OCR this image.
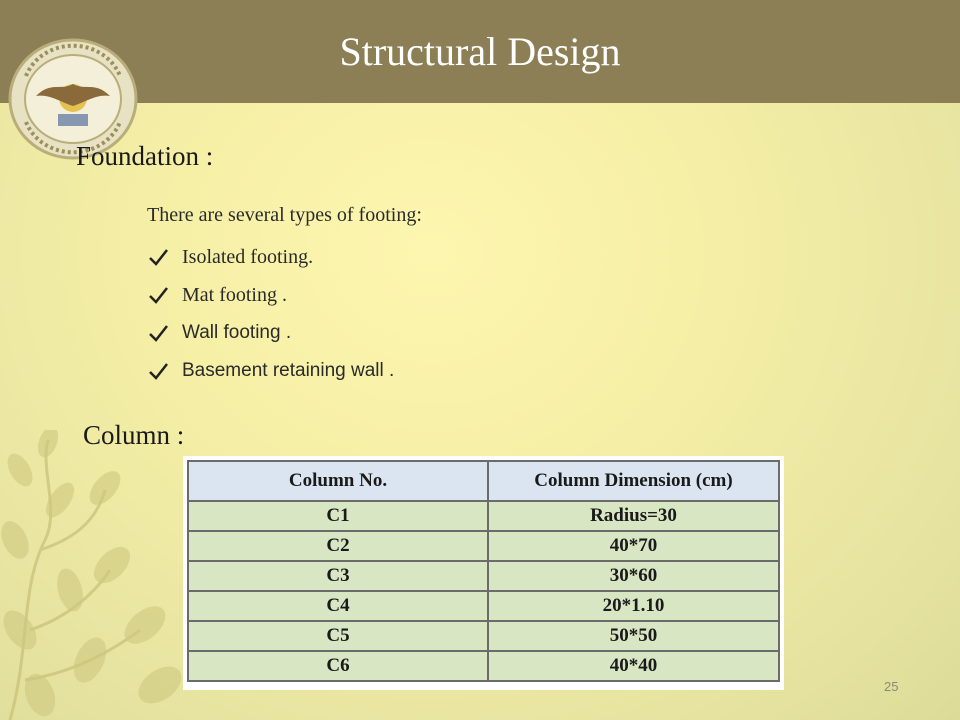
Structural Design
Foundation :
There are several types of footing:
Isolated footing.
Mat footing .
Wall footing .
Basement retaining wall .
Column :
Column No.	Column Dimension (cm)
C1	Radius=30
C2	40*70
C3	30*60
C4	20*1.10
C5	50*50
C6	40*40
25
